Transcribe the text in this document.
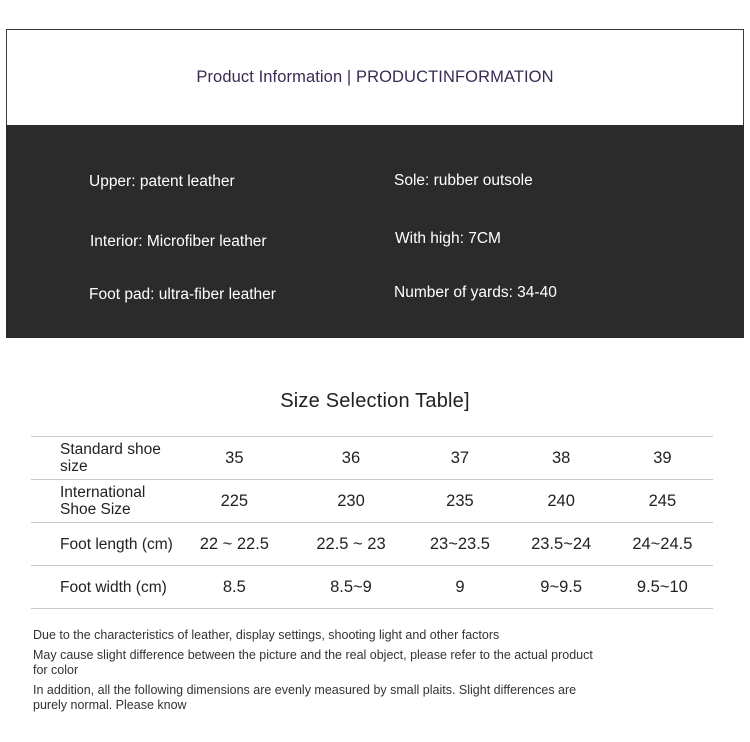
Product Information | PRODUCTINFORMATION
Upper: patent leather	Sole: rubber outsole
Interior: Microfiber leather	With high: 7CM
Foot pad: ultra-fiber leather	Number of yards: 34-40
Size Selection Table]
Standard shoe size	35	36	37	38	39
International Shoe Size	225	230	235	240	245
Foot length (cm)	22 ~ 22.5	22.5 ~ 23	23~23.5	23.5~24	24~24.5
Foot width (cm)	8.5	8.5~9	9	9~9.5	9.5~10

Due to the characteristics of leather, display settings, shooting light and other factors

May cause slight difference between the picture and the real object, please refer to the actual product for color

In addition, all the following dimensions are evenly measured by small plaits. Slight differences are purely normal. Please know
